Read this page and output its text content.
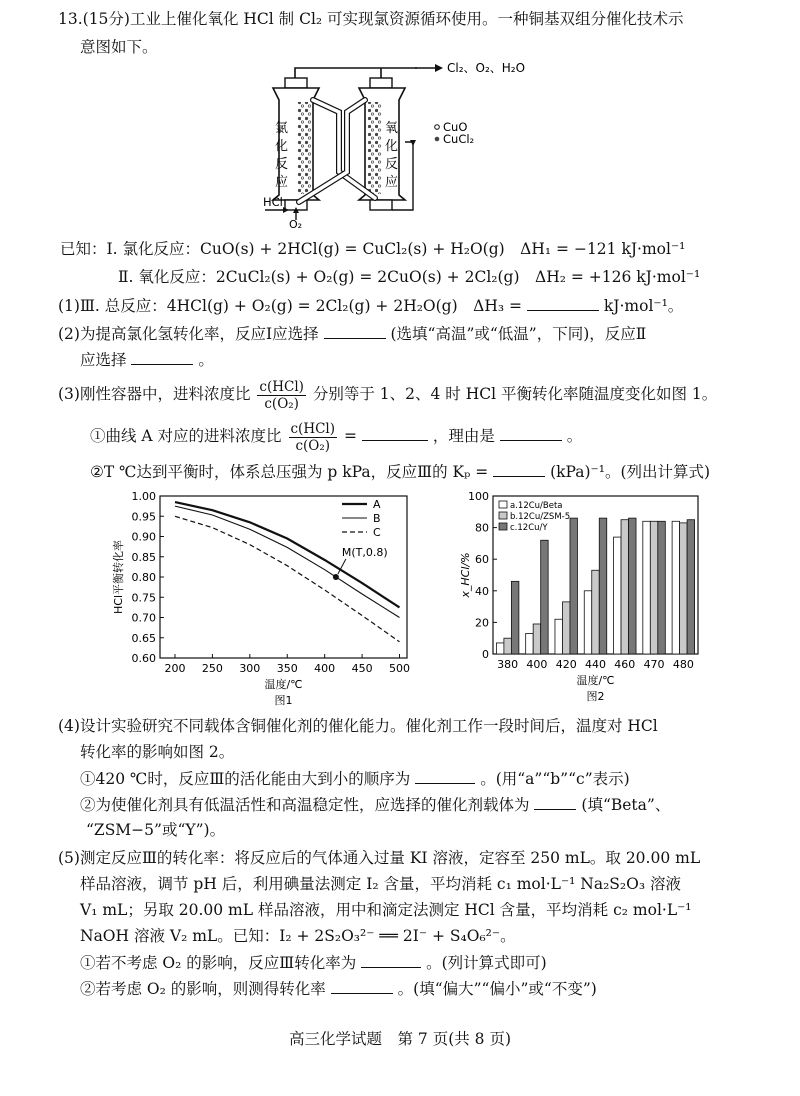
13.(15分)工业上催化氧化 HCl 制 Cl₂ 可实现氯资源循环使用。一种铜基双组分催化技术示
意图如下。
Cl₂、O₂、H₂O
氯
化
反
应
氧
化
反
应
CuO
CuCl₂
HCl
O₂
已知：Ⅰ. 氯化反应：CuO(s) + 2HCl(g) = CuCl₂(s) + H₂O(g)　ΔH₁ = −121 kJ·mol⁻¹
Ⅱ. 氧化反应：2CuCl₂(s) + O₂(g) = 2CuO(s) + 2Cl₂(g)　ΔH₂ = +126 kJ·mol⁻¹
(1)Ⅲ. 总反应：4HCl(g) + O₂(g) = 2Cl₂(g) + 2H₂O(g)　ΔH₃ =	kJ·mol⁻¹。
(2)为提高氯化氢转化率，反应Ⅰ应选择	(选填“高温”或“低温”，下同)，反应Ⅱ
应选择	。
(3)刚性容器中，进料浓度比 $\frac{\text{c(HCl)}}{\text{c(O₂)}}$ 分别等于 1、2、4 时 HCl 平衡转化率随温度变化如图 1。
①曲线 A 对应的进料浓度比 $\frac{\text{c(HCl)}}{\text{c(O₂)}}$ =	，理由是	。
②T ℃达到平衡时，体系总压强为 p kPa，反应Ⅲ的 Kₚ =	(kPa)⁻¹。(列出计算式)
0.60
0.65
0.70
0.75
0.80
0.85
0.90
0.95
1.00
200 250 300 350 400 450 500
温度/℃
图1
HCl平衡转化率
A
B
C
M(T,0.8)
0
20
40
60
80
100
380 400 420 440 460 470 480
温度/℃
图2
x_HCl/%
a.12Cu/Beta
b.12Cu/ZSM-5
c.12Cu/Y
(4)设计实验研究不同载体含铜催化剂的催化能力。催化剂工作一段时间后，温度对 HCl
转化率的影响如图 2。
①420 ℃时，反应Ⅲ的活化能由大到小的顺序为	。(用“a”“b”“c”表示)
②为使催化剂具有低温活性和高温稳定性，应选择的催化剂载体为	(填“Beta”、
“ZSM−5”或“Y”)。
(5)测定反应Ⅲ的转化率：将反应后的气体通入过量 KI 溶液，定容至 250 mL。取 20.00 mL
样品溶液，调节 pH 后，利用碘量法测定 I₂ 含量，平均消耗 c₁ mol·L⁻¹ Na₂S₂O₃ 溶液
V₁ mL；另取 20.00 mL 样品溶液，用中和滴定法测定 HCl 含量，平均消耗 c₂ mol·L⁻¹
NaOH 溶液 V₂ mL。已知：I₂ + 2S₂O₃²⁻ ══ 2I⁻ + S₄O₆²⁻。
①若不考虑 O₂ 的影响，反应Ⅲ转化率为	。(列计算式即可)
②若考虑 O₂ 的影响，则测得转化率	。(填“偏大”“偏小”或“不变”)
高三化学试题　第 7 页(共 8 页)
